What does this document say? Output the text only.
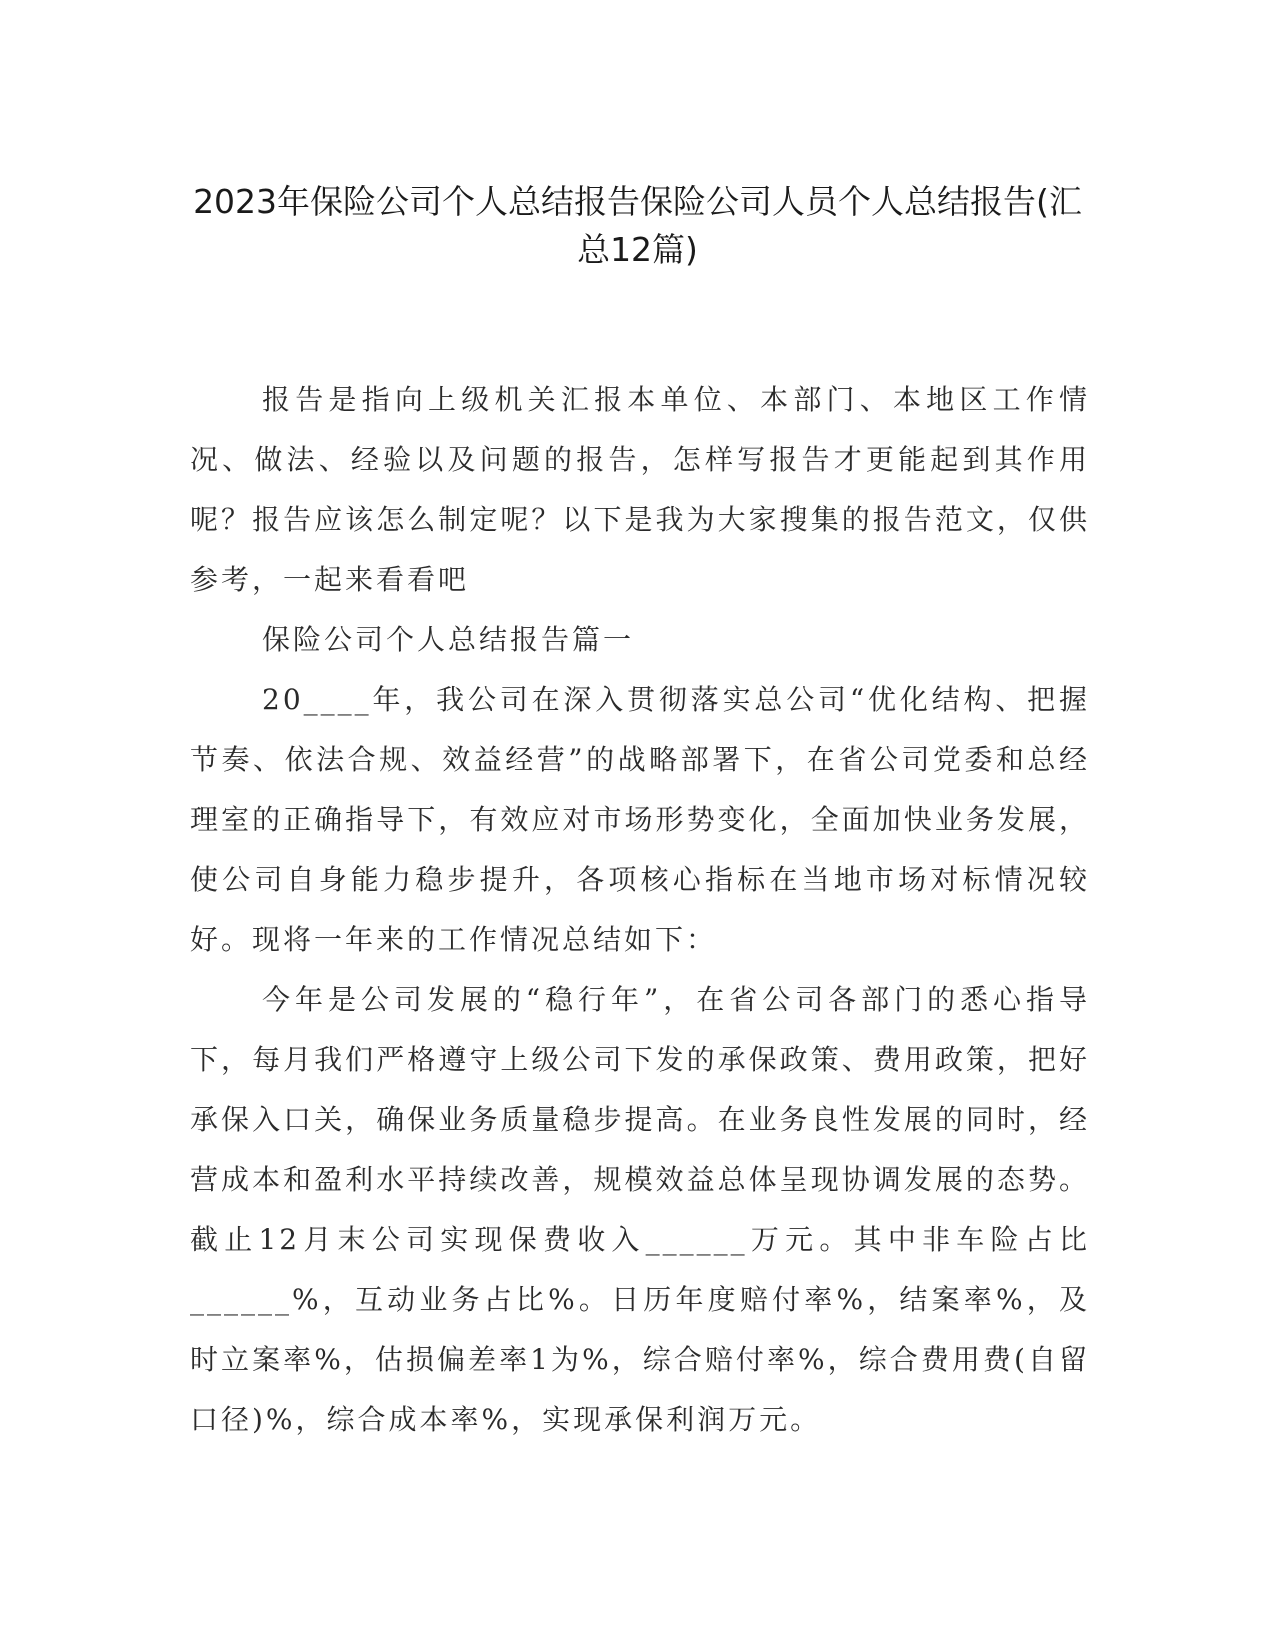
2023年保险公司个人总结报告保险公司人员个人总结报告(汇总12篇)

报告是指向上级机关汇报本单位、本部门、本地区工作情况、做法、经验以及问题的报告，怎样写报告才更能起到其作用呢？报告应该怎么制定呢？以下是我为大家搜集的报告范文，仅供参考，一起来看看吧

保险公司个人总结报告篇一

20____年，我公司在深入贯彻落实总公司“优化结构、把握节奏、依法合规、效益经营”的战略部署下，在省公司党委和总经理室的正确指导下，有效应对市场形势变化，全面加快业务发展，使公司自身能力稳步提升，各项核心指标在当地市场对标情况较好。现将一年来的工作情况总结如下：

今年是公司发展的“稳行年”，在省公司各部门的悉心指导下，每月我们严格遵守上级公司下发的承保政策、费用政策，把好承保入口关，确保业务质量稳步提高。在业务良性发展的同时，经营成本和盈利水平持续改善，规模效益总体呈现协调发展的态势。截止12月末公司实现保费收入______万元。其中非车险占比______%，互动业务占比%。日历年度赔付率%，结案率%，及时立案率%，估损偏差率1为%，综合赔付率%，综合费用费(自留口径)%，综合成本率%，实现承保利润万元。
